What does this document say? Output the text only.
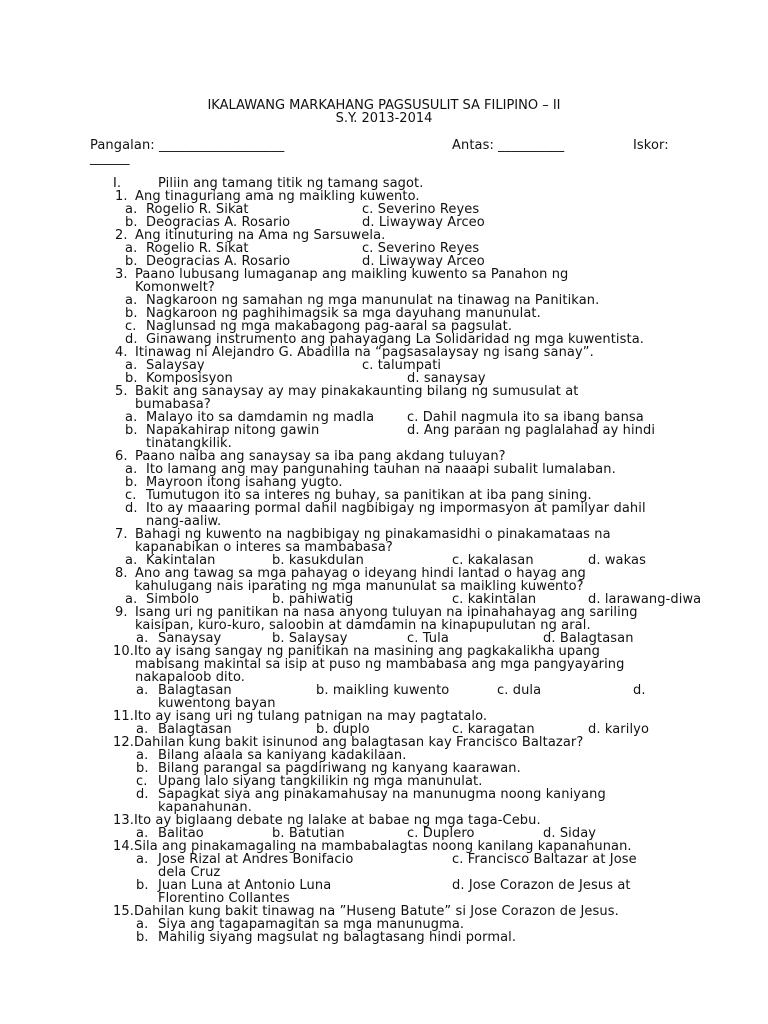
IKALAWANG MARKAHANG PAGSUSULIT SA FILIPINO – II
S.Y. 2013-2014
Pangalan: ___________________	Antas: __________	Iskor:
______
I.	Piliin ang tamang titik ng tamang sagot.
1. Ang tinaguriang ama ng maikling kuwento.
a. Rogelio R. Sikat	c. Severino Reyes
b. Deogracias A. Rosario	d. Liwayway Arceo
2. Ang itinuturing na Ama ng Sarsuwela.
a. Rogelio R. Sikat	c. Severino Reyes
b. Deogracias A. Rosario	d. Liwayway Arceo
3. Paano lubusang lumaganap ang maikling kuwento sa Panahon ng
Komonwelt?
a. Nagkaroon ng samahan ng mga manunulat na tinawag na Panitikan.
b. Nagkaroon ng paghihimagsik sa mga dayuhang manunulat.
c. Naglunsad ng mga makabagong pag-aaral sa pagsulat.
d. Ginawang instrumento ang pahayagang La Solidaridad ng mga kuwentista.
4. Itinawag ni Alejandro G. Abadilla na “pagsasalaysay ng isang sanay”.
a. Salaysay	c. talumpati
b. Komposisyon	d. sanaysay
5. Bakit ang sanaysay ay may pinakakaunting bilang ng sumusulat at
bumabasa?
a. Malayo ito sa damdamin ng madla	c. Dahil nagmula ito sa ibang bansa
b. Napakahirap nitong gawin	d. Ang paraan ng paglalahad ay hindi
tinatangkilik.
6. Paano naiba ang sanaysay sa iba pang akdang tuluyan?
a. Ito lamang ang may pangunahing tauhan na naaapi subalit lumalaban.
b. Mayroon itong isahang yugto.
c. Tumutugon ito sa interes ng buhay, sa panitikan at iba pang sining.
d. Ito ay maaaring pormal dahil nagbibigay ng impormasyon at pamilyar dahil
nang-aaliw.
7. Bahagi ng kuwento na nagbibigay ng pinakamasidhi o pinakamataas na
kapanabikan o interes sa mambabasa?
a. Kakintalan	b. kasukdulan	c. kakalasan	d. wakas
8. Ano ang tawag sa mga pahayag o ideyang hindi lantad o hayag ang
kahulugang nais iparating ng mga manunulat sa maikling kuwento?
a. Simbolo	b. pahiwatig	c. kakintalan	d. larawang-diwa
9. Isang uri ng panitikan na nasa anyong tuluyan na ipinahahayag ang sariling
kaisipan, kuro-kuro, saloobin at damdamin na kinapupulutan ng aral.
a. Sanaysay	b. Salaysay	c. Tula	d. Balagtasan
10.Ito ay isang sangay ng panitikan na masining ang pagkakalikha upang
mabisang makintal sa isip at puso ng mambabasa ang mga pangyayaring
nakapaloob dito.
a. Balagtasan	b. maikling kuwento	c. dula	d.
kuwentong bayan
11.Ito ay isang uri ng tulang patnigan na may pagtatalo.
a. Balagtasan	b. duplo	c. karagatan	d. karilyo
12.Dahilan kung bakit isinunod ang balagtasan kay Francisco Baltazar?
a. Bilang alaala sa kaniyang kadakilaan.
b. Bilang parangal sa pagdiriwang ng kanyang kaarawan.
c. Upang lalo siyang tangkilikin ng mga manunulat.
d. Sapagkat siya ang pinakamahusay na manunugma noong kaniyang
kapanahunan.
13.Ito ay biglaang debate ng lalake at babae ng mga taga-Cebu.
a. Balitao	b. Batutian	c. Duplero	d. Siday
14.Sila ang pinakamagaling na mambabalagtas noong kanilang kapanahunan.
a. Jose Rizal at Andres Bonifacio	c. Francisco Baltazar at Jose
dela Cruz
b. Juan Luna at Antonio Luna	d. Jose Corazon de Jesus at
Florentino Collantes
15.Dahilan kung bakit tinawag na ”Huseng Batute” si Jose Corazon de Jesus.
a. Siya ang tagapamagitan sa mga manunugma.
b. Mahilig siyang magsulat ng balagtasang hindi pormal.
